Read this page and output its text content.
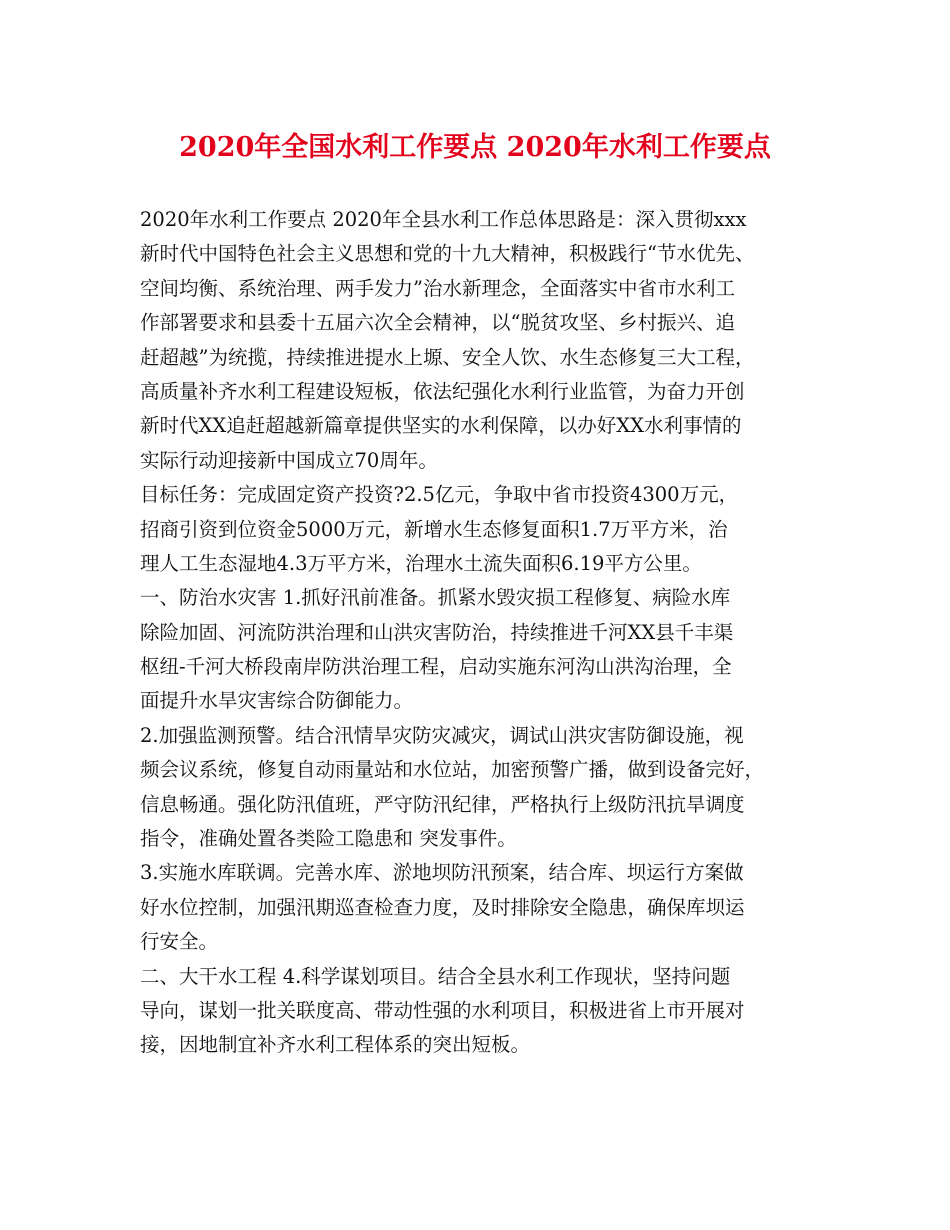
2020年全国水利工作要点 2020年水利工作要点
2020年水利工作要点 2020年全县水利工作总体思路是：深入贯彻xxx
新时代中国特色社会主义思想和党的十九大精神，积极践行“节水优先、
空间均衡、系统治理、两手发力”治水新理念，全面落实中省市水利工
作部署要求和县委十五届六次全会精神，以“脱贫攻坚、乡村振兴、追
赶超越”为统揽，持续推进提水上塬、安全人饮、水生态修复三大工程，
高质量补齐水利工程建设短板，依法纪强化水利行业监管，为奋力开创
新时代XX追赶超越新篇章提供坚实的水利保障，以办好XX水利事情的
实际行动迎接新中国成立70周年。
目标任务：完成固定资产投资?2.5亿元，争取中省市投资4300万元，
招商引资到位资金5000万元，新增水生态修复面积1.7万平方米，治
理人工生态湿地4.3万平方米，治理水土流失面积6.19平方公里。
一、防治水灾害 1.抓好汛前准备。抓紧水毁灾损工程修复、病险水库
除险加固、河流防洪治理和山洪灾害防治，持续推进千河XX县千丰渠
枢纽-千河大桥段南岸防洪治理工程，启动实施东河沟山洪沟治理，全
面提升水旱灾害综合防御能力。
2.加强监测预警。结合汛情旱灾防灾减灾，调试山洪灾害防御设施，视
频会议系统，修复自动雨量站和水位站，加密预警广播，做到设备完好，
信息畅通。强化防汛值班，严守防汛纪律，严格执行上级防汛抗旱调度
指令，准确处置各类险工隐患和 突发事件。
3.实施水库联调。完善水库、淤地坝防汛预案，结合库、坝运行方案做
好水位控制，加强汛期巡查检查力度，及时排除安全隐患，确保库坝运
行安全。
二、大干水工程 4.科学谋划项目。结合全县水利工作现状，坚持问题
导向，谋划一批关联度高、带动性强的水利项目，积极进省上市开展对
接，因地制宜补齐水利工程体系的突出短板。
